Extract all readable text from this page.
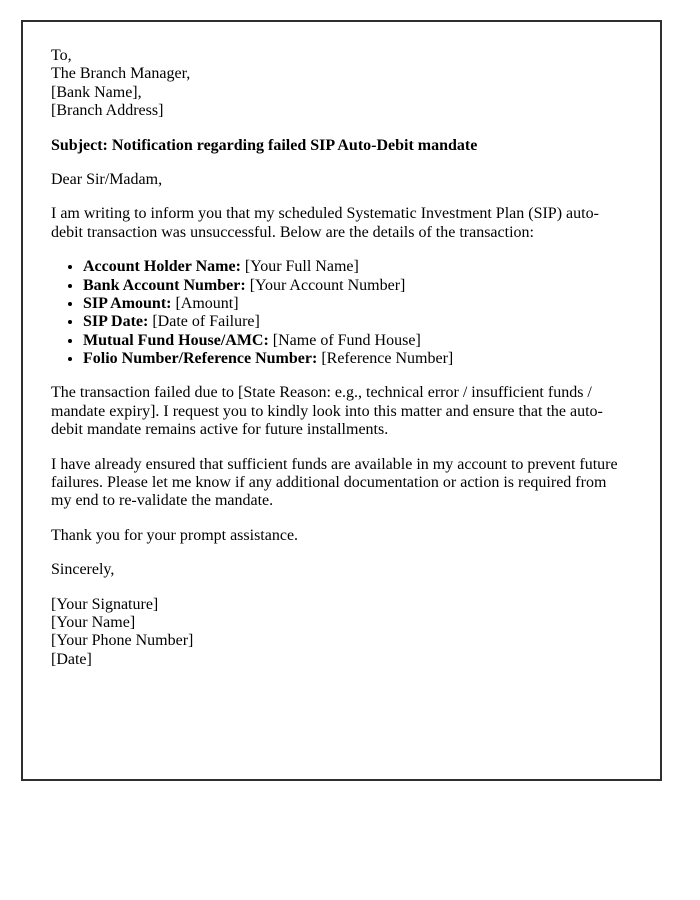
To,
The Branch Manager,
[Bank Name],
[Branch Address]
Subject: Notification regarding failed SIP Auto-Debit mandate
Dear Sir/Madam,
I am writing to inform you that my scheduled Systematic Investment Plan (SIP) auto-debit transaction was unsuccessful. Below are the details of the transaction:
• Account Holder Name: [Your Full Name]
• Bank Account Number: [Your Account Number]
• SIP Amount: [Amount]
• SIP Date: [Date of Failure]
• Mutual Fund House/AMC: [Name of Fund House]
• Folio Number/Reference Number: [Reference Number]
The transaction failed due to [State Reason: e.g., technical error / insufficient funds / mandate expiry]. I request you to kindly look into this matter and ensure that the auto-debit mandate remains active for future installments.
I have already ensured that sufficient funds are available in my account to prevent future failures. Please let me know if any additional documentation or action is required from my end to re-validate the mandate.
Thank you for your prompt assistance.
Sincerely,
[Your Signature]
[Your Name]
[Your Phone Number]
[Date]
